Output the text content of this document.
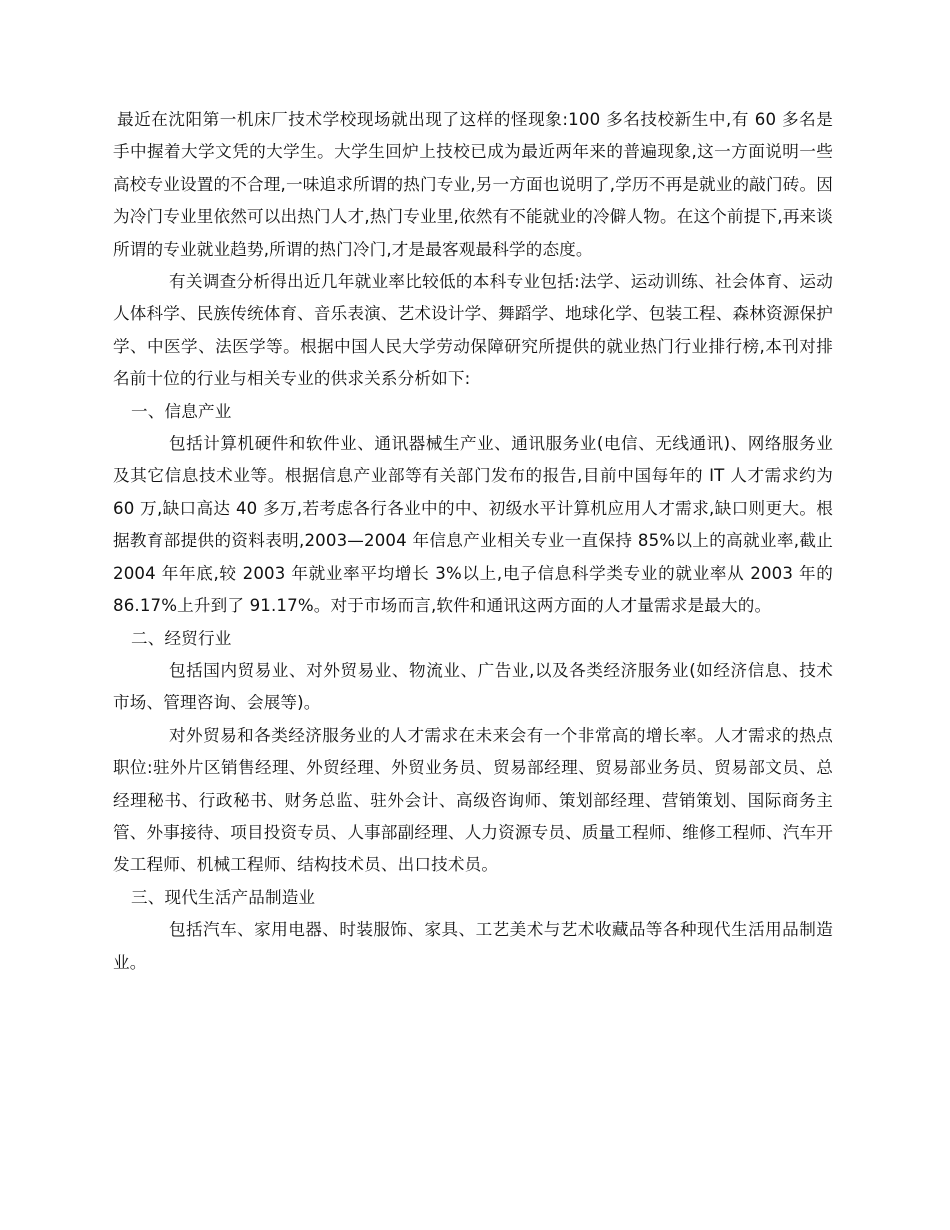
最近在沈阳第一机床厂技术学校现场就出现了这样的怪现象:100 多名技校新生中,有 60 多名是手中握着大学文凭的大学生。大学生回炉上技校已成为最近两年来的普遍现象,这一方面说明一些高校专业设置的不合理,一味追求所谓的热门专业,另一方面也说明了,学历不再是就业的敲门砖。因为冷门专业里依然可以出热门人才,热门专业里,依然有不能就业的冷僻人物。在这个前提下,再来谈所谓的专业就业趋势,所谓的热门冷门,才是最客观最科学的态度。

有关调查分析得出近几年就业率比较低的本科专业包括:法学、运动训练、社会体育、运动人体科学、民族传统体育、音乐表演、艺术设计学、舞蹈学、地球化学、包装工程、森林资源保护学、中医学、法医学等。根据中国人民大学劳动保障研究所提供的就业热门行业排行榜,本刊对排名前十位的行业与相关专业的供求关系分析如下:

一、信息产业

包括计算机硬件和软件业、通讯器械生产业、通讯服务业(电信、无线通讯)、网络服务业及其它信息技术业等。根据信息产业部等有关部门发布的报告,目前中国每年的 IT 人才需求约为 60 万,缺口高达 40 多万,若考虑各行各业中的中、初级水平计算机应用人才需求,缺口则更大。根据教育部提供的资料表明,2003—2004 年信息产业相关专业一直保持 85%以上的高就业率,截止 2004 年年底,较 2003 年就业率平均增长 3%以上,电子信息科学类专业的就业率从 2003 年的 86.17%上升到了 91.17%。对于市场而言,软件和通讯这两方面的人才量需求是最大的。

二、经贸行业

包括国内贸易业、对外贸易业、物流业、广告业,以及各类经济服务业(如经济信息、技术市场、管理咨询、会展等)。

对外贸易和各类经济服务业的人才需求在未来会有一个非常高的增长率。人才需求的热点职位:驻外片区销售经理、外贸经理、外贸业务员、贸易部经理、贸易部业务员、贸易部文员、总经理秘书、行政秘书、财务总监、驻外会计、高级咨询师、策划部经理、营销策划、国际商务主管、外事接待、项目投资专员、人事部副经理、人力资源专员、质量工程师、维修工程师、汽车开发工程师、机械工程师、结构技术员、出口技术员。

三、现代生活产品制造业

包括汽车、家用电器、时装服饰、家具、工艺美术与艺术收藏品等各种现代生活用品制造业。
